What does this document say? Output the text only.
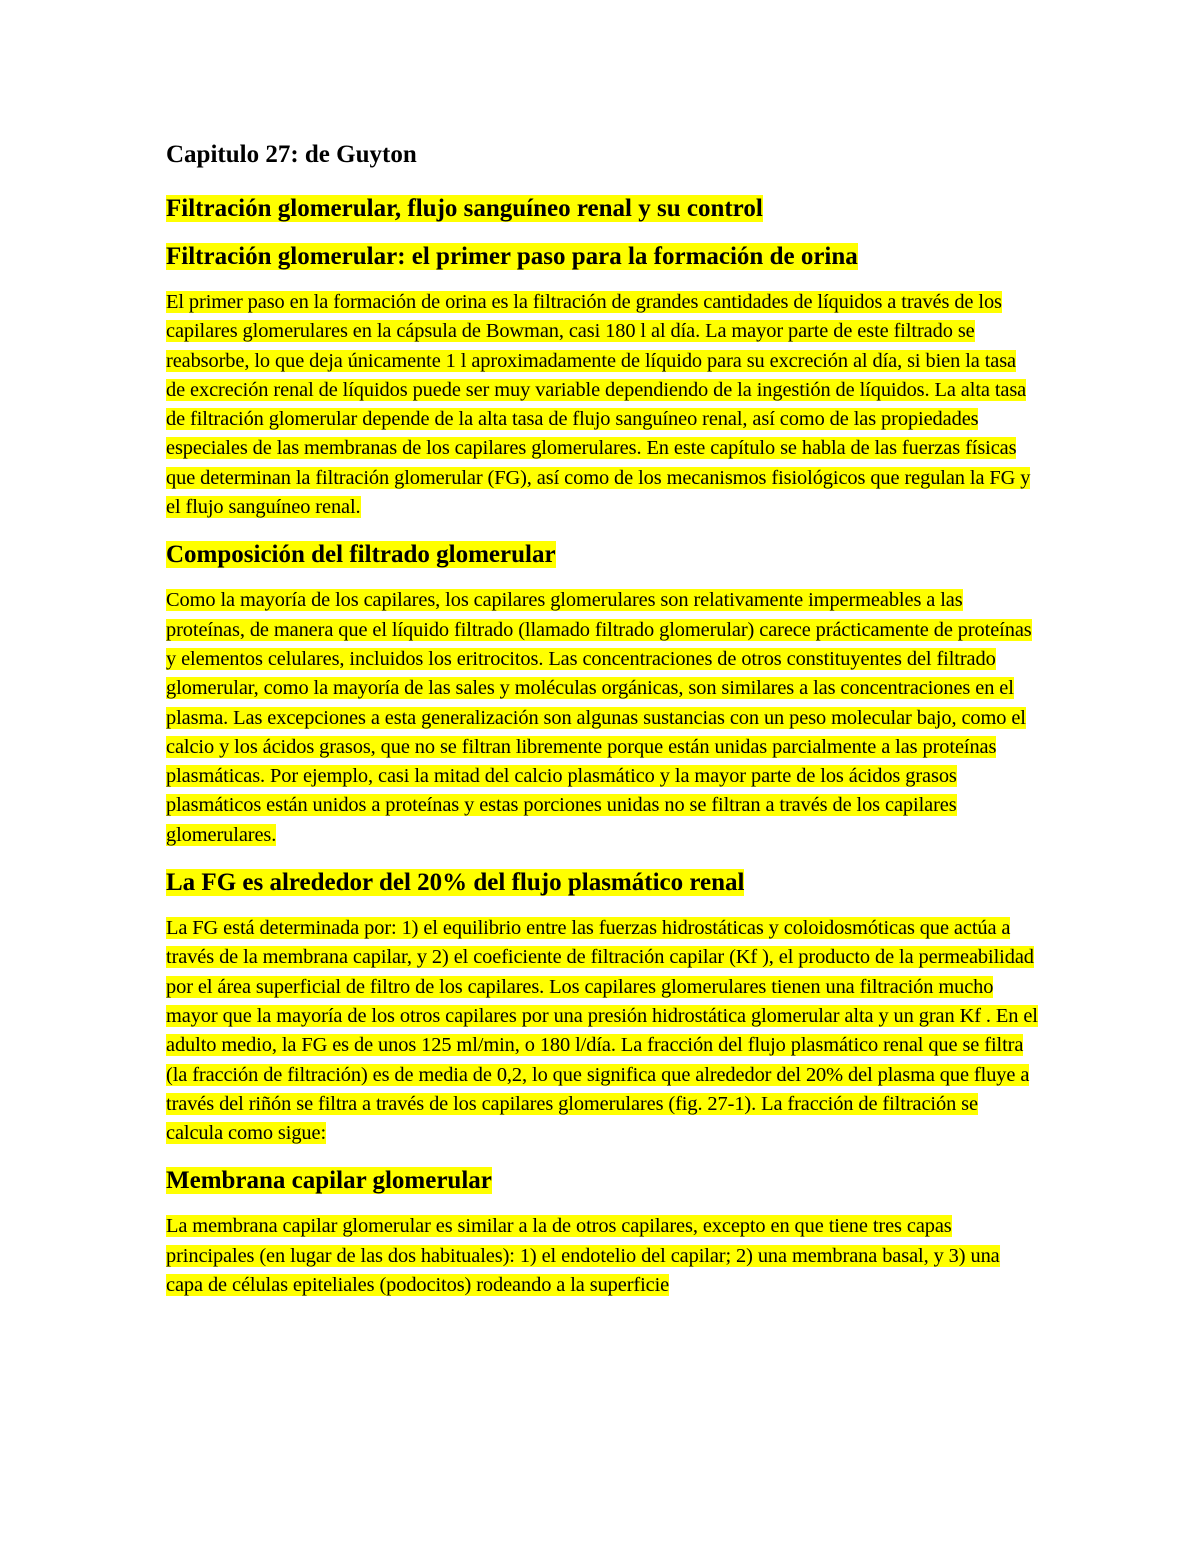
Capitulo 27: de Guyton
Filtración glomerular, flujo sanguíneo renal y su control
Filtración glomerular: el primer paso para la formación de orina
El primer paso en la formación de orina es la filtración de grandes cantidades de líquidos a través de los capilares glomerulares en la cápsula de Bowman, casi 180 l al día. La mayor parte de este filtrado se reabsorbe, lo que deja únicamente 1 l aproximadamente de líquido para su excreción al día, si bien la tasa de excreción renal de líquidos puede ser muy variable dependiendo de la ingestión de líquidos. La alta tasa de filtración glomerular depende de la alta tasa de flujo sanguíneo renal, así como de las propiedades especiales de las membranas de los capilares glomerulares. En este capítulo se habla de las fuerzas físicas que determinan la filtración glomerular (FG), así como de los mecanismos fisiológicos que regulan la FG y el flujo sanguíneo renal.
Composición del filtrado glomerular
Como la mayoría de los capilares, los capilares glomerulares son relativamente impermeables a las proteínas, de manera que el líquido filtrado (llamado filtrado glomerular) carece prácticamente de proteínas y elementos celulares, incluidos los eritrocitos. Las concentraciones de otros constituyentes del filtrado glomerular, como la mayoría de las sales y moléculas orgánicas, son similares a las concentraciones en el plasma. Las excepciones a esta generalización son algunas sustancias con un peso molecular bajo, como el calcio y los ácidos grasos, que no se filtran libremente porque están unidas parcialmente a las proteínas plasmáticas. Por ejemplo, casi la mitad del calcio plasmático y la mayor parte de los ácidos grasos plasmáticos están unidos a proteínas y estas porciones unidas no se filtran a través de los capilares glomerulares.
La FG es alrededor del 20% del flujo plasmático renal
La FG está determinada por: 1) el equilibrio entre las fuerzas hidrostáticas y coloidosmóticas que actúa a través de la membrana capilar, y 2) el coeficiente de filtración capilar (Kf ), el producto de la permeabilidad por el área superficial de filtro de los capilares. Los capilares glomerulares tienen una filtración mucho mayor que la mayoría de los otros capilares por una presión hidrostática glomerular alta y un gran Kf . En el adulto medio, la FG es de unos 125 ml/min, o 180 l/día. La fracción del flujo plasmático renal que se filtra (la fracción de filtración) es de media de 0,2, lo que significa que alrededor del 20% del plasma que fluye a través del riñón se filtra a través de los capilares glomerulares (fig. 27-1). La fracción de filtración se calcula como sigue:
Membrana capilar glomerular
La membrana capilar glomerular es similar a la de otros capilares, excepto en que tiene tres capas principales (en lugar de las dos habituales): 1) el endotelio del capilar; 2) una membrana basal, y 3) una capa de células epiteliales (podocitos) rodeando a la superficie
